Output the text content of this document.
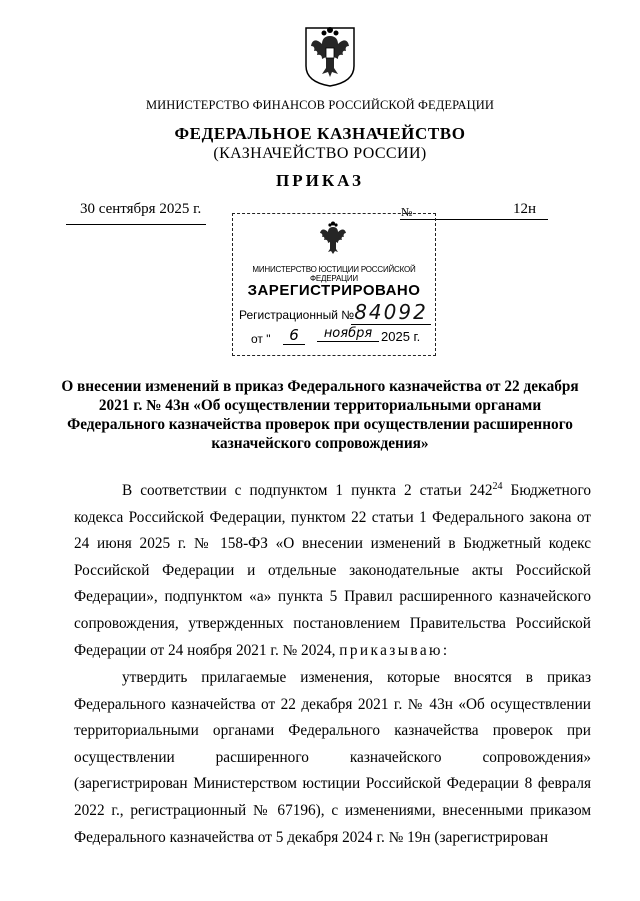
МИНИСТЕРСТВО ФИНАНСОВ РОССИЙСКОЙ ФЕДЕРАЦИИ
ФЕДЕРАЛЬНОЕ КАЗНАЧЕЙСТВО
(КАЗНАЧЕЙСТВО РОССИИ)
ПРИКАЗ
30 сентября 2025 г.	№	12н
МИНИСТЕРСТВО ЮСТИЦИИ РОССИЙСКОЙ ФЕДЕРАЦИИ
ЗАРЕГИСТРИРОВАНО
Регистрационный № 84092
от "	6	ноября 2025 г.
О внесении изменений в приказ Федерального казначейства от 22 декабря 2021 г. № 43н «Об осуществлении территориальными органами Федерального казначейства проверок при осуществлении расширенного казначейского сопровождения»
В соответствии с подпунктом 1 пункта 2 статьи $242^{24}$ Бюджетного кодекса Российской Федерации, пунктом 22 статьи 1 Федерального закона от 24 июня 2025 г. № 158-ФЗ «О внесении изменений в Бюджетный кодекс Российской Федерации и отдельные законодательные акты Российской Федерации», подпунктом «а» пункта 5 Правил расширенного казначейского сопровождения, утвержденных постановлением Правительства Российской Федерации от 24 ноября 2021 г. № 2024, приказываю:
утвердить прилагаемые изменения, которые вносятся в приказ Федерального казначейства от 22 декабря 2021 г. № 43н «Об осуществлении территориальными органами Федерального казначейства проверок при осуществлении расширенного казначейского сопровождения» (зарегистрирован Министерством юстиции Российской Федерации 8 февраля 2022 г., регистрационный № 67196), с изменениями, внесенными приказом Федерального казначейства от 5 декабря 2024 г. № 19н (зарегистрирован
